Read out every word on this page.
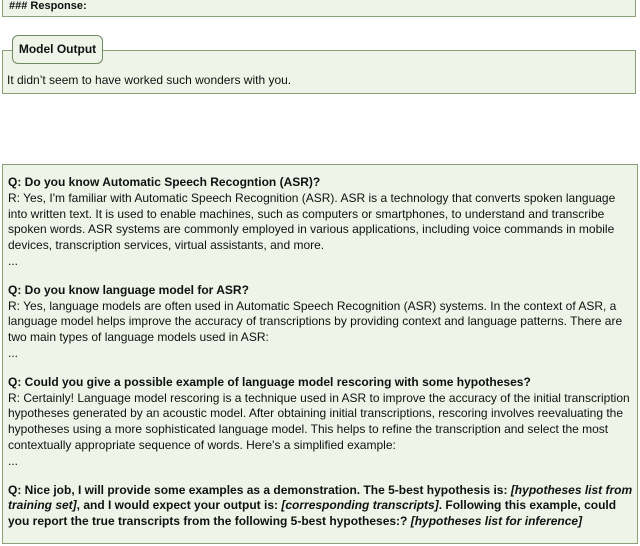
### Response:
Model Output
It didn’t seem to have worked such wonders with you.

Q: Do you know Automatic Speech Recogntion (ASR)?

R: Yes, I'm familiar with Automatic Speech Recognition (ASR). ASR is a technology that converts spoken language into written text. It is used to enable machines, such as computers or smartphones, to understand and transcribe spoken words. ASR systems are commonly employed in various applications, including voice commands in mobile devices, transcription services, virtual assistants, and more.

...

Q: Do you know language model for ASR?

R: Yes, language models are often used in Automatic Speech Recognition (ASR) systems. In the context of ASR, a language model helps improve the accuracy of transcriptions by providing context and language patterns. There are two main types of language models used in ASR:

...

Q: Could you give a possible example of language model rescoring with some hypotheses?

R: Certainly! Language model rescoring is a technique used in ASR to improve the accuracy of the initial transcription hypotheses generated by an acoustic model. After obtaining initial transcriptions, rescoring involves reevaluating the hypotheses using a more sophisticated language model. This helps to refine the transcription and select the most contextually appropriate sequence of words. Here's a simplified example:

...

Q: Nice job, I will provide some examples as a demonstration. The 5-best hypothesis is: [hypotheses list from training set], and I would expect your output is: [corresponding transcripts]. Following this example, could you report the true transcripts from the following 5-best hypotheses:? [hypotheses list for inference]
